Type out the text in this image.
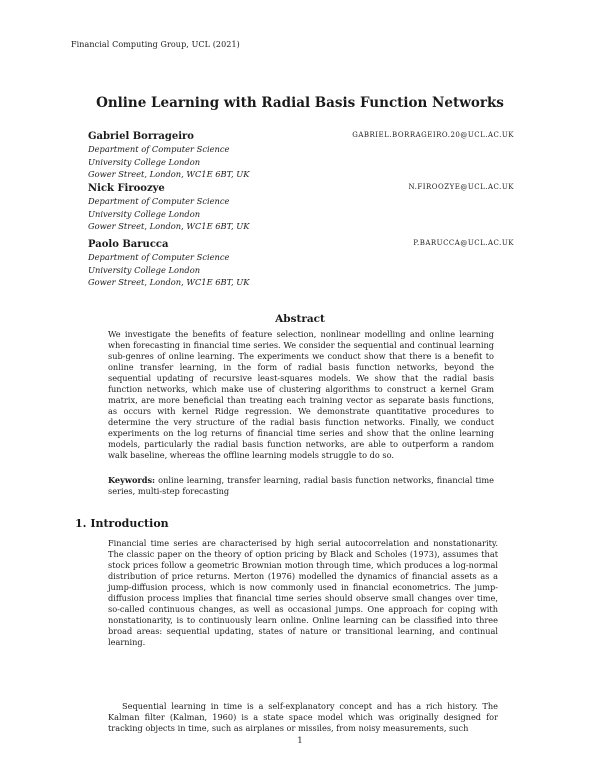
Financial Computing Group, UCL (2021)
Online Learning with Radial Basis Function Networks
Gabriel Borrageiro	GABRIEL.BORRAGEIRO.20@UCL.AC.UK
Department of Computer Science
University College London
Gower Street, London, WC1E 6BT, UK
Nick Firoozye	N.FIROOZYE@UCL.AC.UK
Department of Computer Science
University College London
Gower Street, London, WC1E 6BT, UK
Paolo Barucca	P.BARUCCA@UCL.AC.UK
Department of Computer Science
University College London
Gower Street, London, WC1E 6BT, UK
Abstract
We investigate the benefits of feature selection, nonlinear modelling and online learning when forecasting in financial time series. We consider the sequential and continual learning sub-genres of online learning. The experiments we conduct show that there is a benefit to online transfer learning, in the form of radial basis function networks, beyond the sequential updating of recursive least-squares models. We show that the radial basis function networks, which make use of clustering algorithms to construct a kernel Gram matrix, are more beneficial than treating each training vector as separate basis functions, as occurs with kernel Ridge regression. We demonstrate quantitative procedures to determine the very structure of the radial basis function networks. Finally, we conduct experiments on the log returns of financial time series and show that the online learning models, particularly the radial basis function networks, are able to outperform a random walk baseline, whereas the offline learning models struggle to do so.
Keywords: online learning, transfer learning, radial basis function networks, financial time series, multi-step forecasting
1. Introduction
Financial time series are characterised by high serial autocorrelation and nonstationarity. The classic paper on the theory of option pricing by Black and Scholes (1973), assumes that stock prices follow a geometric Brownian motion through time, which produces a log-normal distribution of price returns. Merton (1976) modelled the dynamics of financial assets as a jump-diffusion process, which is now commonly used in financial econometrics. The jump-diffusion process implies that financial time series should observe small changes over time, so-called continuous changes, as well as occasional jumps. One approach for coping with nonstationarity, is to continuously learn online. Online learning can be classified into three broad areas: sequential updating, states of nature or transitional learning, and continual learning.
Sequential learning in time is a self-explanatory concept and has a rich history. The Kalman filter (Kalman, 1960) is a state space model which was originally designed for tracking objects in time, such as airplanes or missiles, from noisy measurements, such
1
